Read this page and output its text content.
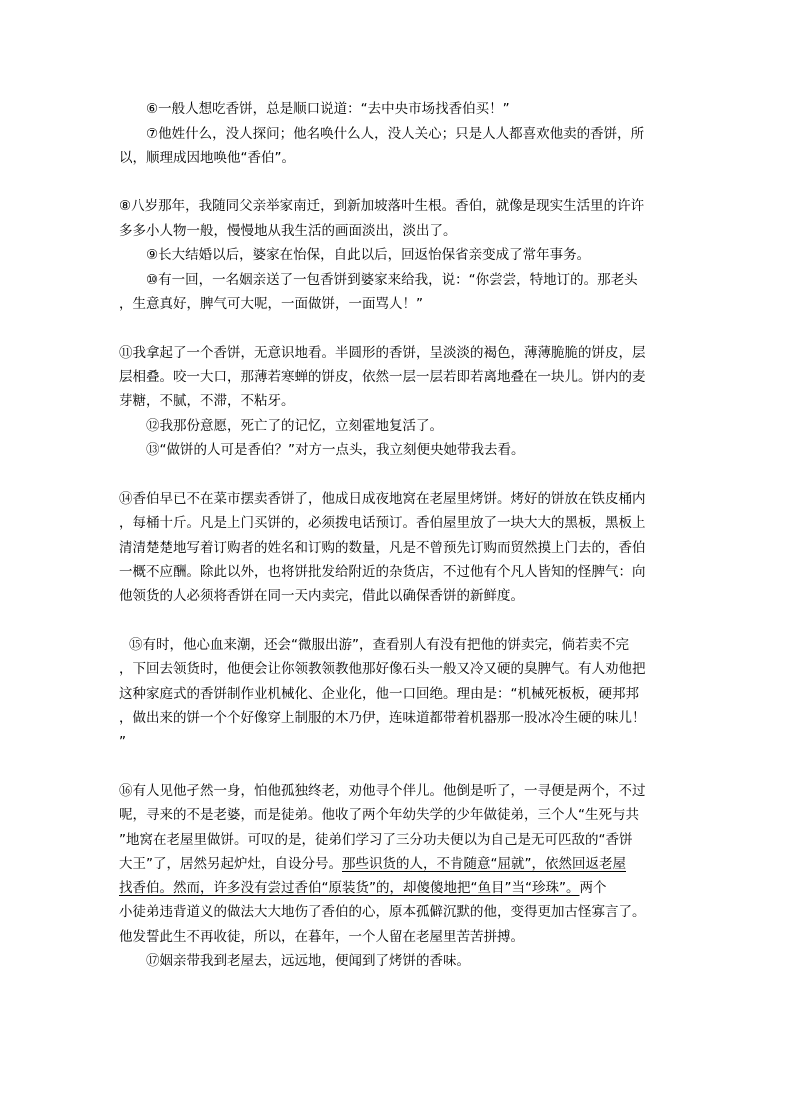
⑥一般人想吃香饼，总是顺口说道：“去中央市场找香伯买！”
⑦他姓什么，没人探问；他名唤什么人，没人关心；只是人人都喜欢他卖的香饼，所
以，顺理成因地唤他“香伯”。
⑧八岁那年，我随同父亲举家南迁，到新加坡落叶生根。香伯，就像是现实生活里的许许
多多小人物一般，慢慢地从我生活的画面淡出，淡出了。
⑨长大结婚以后，婆家在怡保，自此以后，回返怡保省亲变成了常年事务。
⑩有一回，一名姻亲送了一包香饼到婆家来给我，说：“你尝尝，特地订的。那老头
，生意真好，脾气可大呢，一面做饼，一面骂人！”
⑪我拿起了一个香饼，无意识地看。半圆形的香饼，呈淡淡的褐色，薄薄脆脆的饼皮，层
层相叠。咬一大口，那薄若寒蝉的饼皮，依然一层一层若即若离地叠在一块儿。饼内的麦
芽糖，不腻，不滞，不粘牙。
⑫我那份意愿，死亡了的记忆，立刻霍地复活了。
⑬“做饼的人可是香伯？”对方一点头，我立刻便央她带我去看。
⑭香伯早已不在菜市摆卖香饼了，他成日成夜地窝在老屋里烤饼。烤好的饼放在铁皮桶内
，每桶十斤。凡是上门买饼的，必须拨电话预订。香伯屋里放了一块大大的黑板，黑板上
清清楚楚地写着订购者的姓名和订购的数量，凡是不曾预先订购而贸然摸上门去的，香伯
一概不应酬。除此以外，也将饼批发给附近的杂货店，不过他有个凡人皆知的怪脾气：向
他领货的人必须将香饼在同一天内卖完，借此以确保香饼的新鲜度。
⑮有时，他心血来潮，还会“微服出游”，查看别人有没有把他的饼卖完，倘若卖不完
，下回去领货时，他便会让你领教领教他那好像石头一般又冷又硬的臭脾气。有人劝他把
这种家庭式的香饼制作业机械化、企业化，他一口回绝。理由是：“机械死板板，硬邦邦
，做出来的饼一个个好像穿上制服的木乃伊，连味道都带着机器那一股冰冷生硬的味儿！
”
⑯有人见他孑然一身，怕他孤独终老，劝他寻个伴儿。他倒是听了，一寻便是两个，不过
呢，寻来的不是老婆，而是徒弟。他收了两个年幼失学的少年做徒弟，三个人“生死与共
”地窝在老屋里做饼。可叹的是，徒弟们学习了三分功夫便以为自己是无可匹敌的“香饼
大王”了，居然另起炉灶，自设分号。那些识货的人，不肯随意“屈就”，依然回返老屋
找香伯。然而，许多没有尝过香伯“原装货”的，却傻傻地把“鱼目”当“珍珠”。两个
小徒弟违背道义的做法大大地伤了香伯的心，原本孤僻沉默的他，变得更加古怪寡言了。
他发誓此生不再收徒，所以，在暮年，一个人留在老屋里苦苦拼搏。
⑰姻亲带我到老屋去，远远地，便闻到了烤饼的香味。
